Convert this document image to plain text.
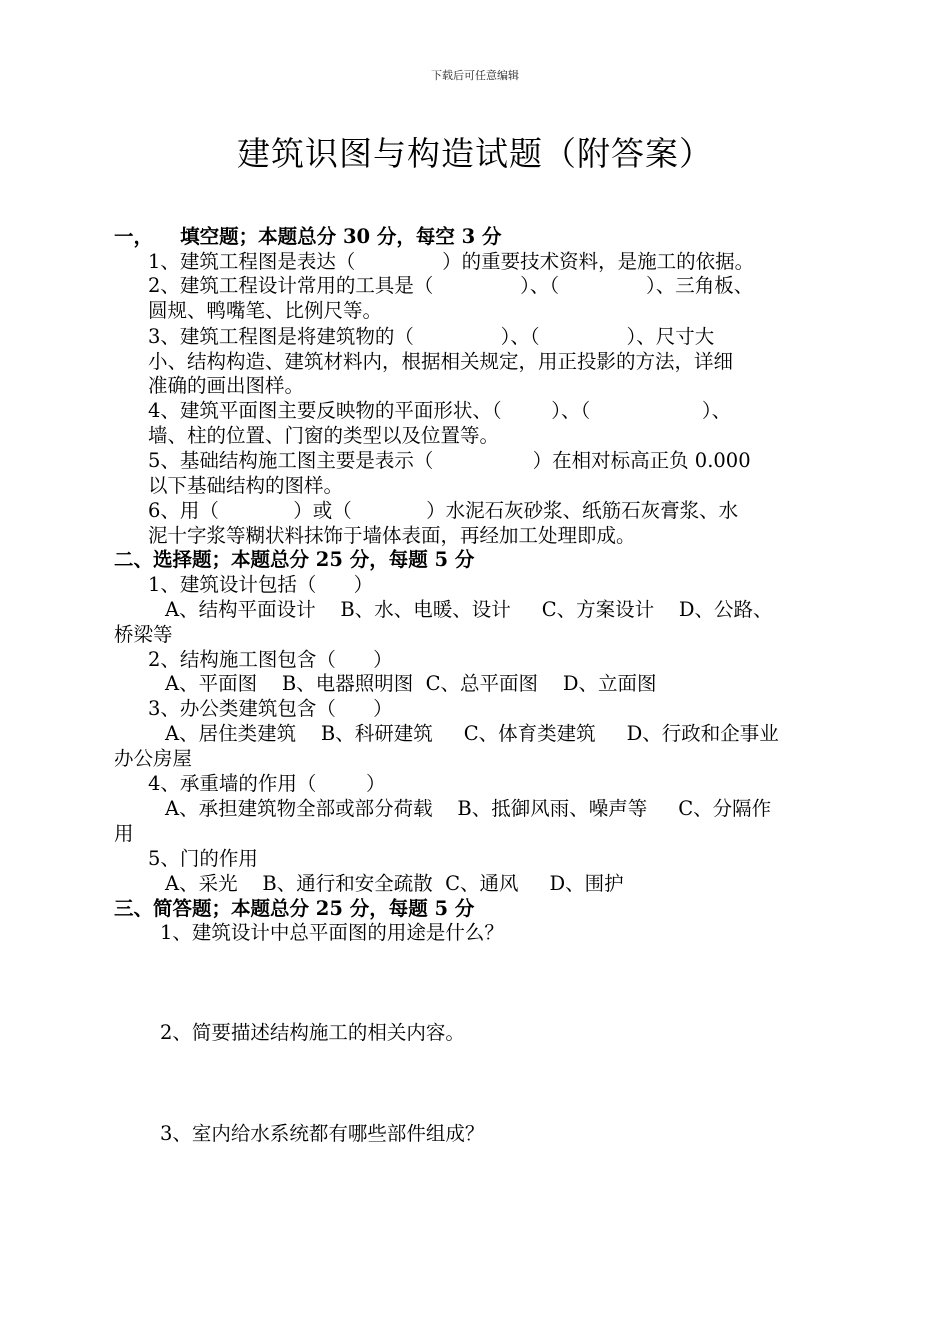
下载后可任意编辑
建筑识图与构造试题（附答案）
一，    填空题；本题总分 30 分，每空 3 分
1、建筑工程图是表达（              ）的重要技术资料，是施工的依据。
2、建筑工程设计常用的工具是（              ）、（              ）、三角板、
圆规、鸭嘴笔、比例尺等。
3、建筑工程图是将建筑物的（              ）、（              ）、尺寸大
小、结构构造、建筑材料内，根据相关规定，用正投影的方法，详细
准确的画出图样。
4、建筑平面图主要反映物的平面形状、（        ）、（                  ）、
墙、柱的位置、门窗的类型以及位置等。
5、基础结构施工图主要是表示（                ）在相对标高正负 0.000
以下基础结构的图样。
6、用（            ）或（            ）水泥石灰砂浆、纸筋石灰膏浆、水
泥十字浆等糊状料抹饰于墙体表面，再经加工处理即成。
二、选择题；本题总分 25 分，每题 5 分
1、建筑设计包括（      ）
A、结构平面设计    B、水、电暖、设计     C、方案设计    D、公路、
桥梁等
2、结构施工图包含（      ）
A、平面图    B、电器照明图  C、总平面图    D、立面图
3、办公类建筑包含（      ）
A、居住类建筑    B、科研建筑     C、体育类建筑     D、行政和企事业
办公房屋
4、承重墙的作用（        ）
A、承担建筑物全部或部分荷载    B、抵御风雨、噪声等     C、分隔作
用
5、门的作用
A、采光    B、通行和安全疏散  C、通风     D、围护
三、简答题；本题总分 25 分，每题 5 分
1、建筑设计中总平面图的用途是什么？
2、简要描述结构施工的相关内容。
3、室内给水系统都有哪些部件组成？
